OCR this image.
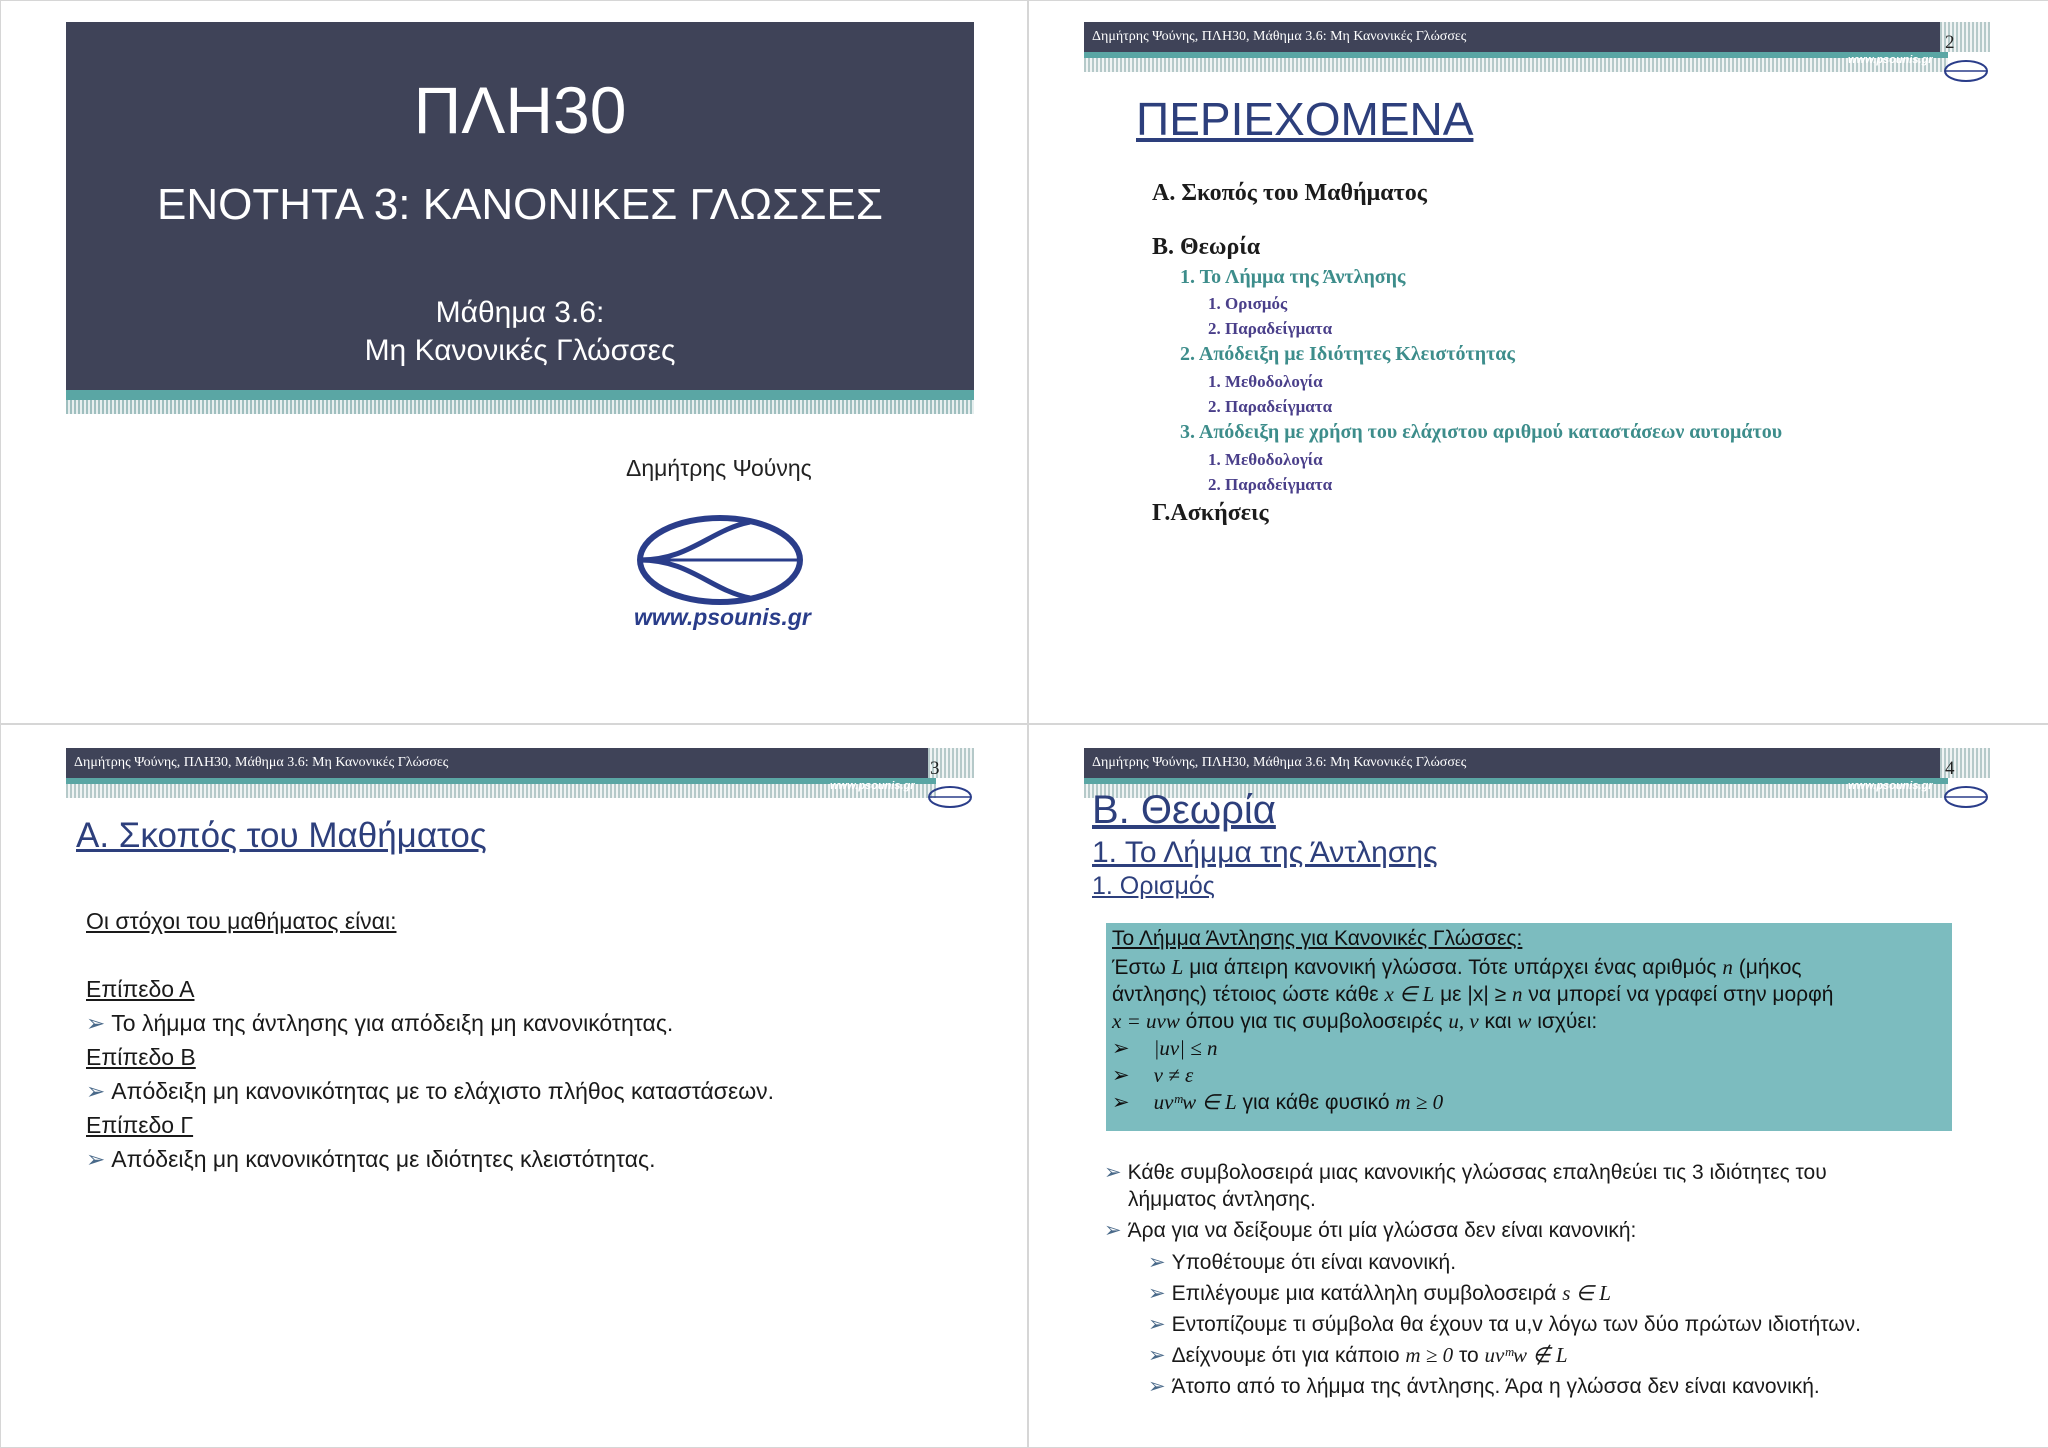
ΠΛΗ30
ΕΝΟΤΗΤΑ 3: ΚΑΝΟΝΙΚΕΣ ΓΛΩΣΣΕΣ
Μάθημα 3.6:
Μη Κανονικές Γλώσσες
Δημήτρης Ψούνης
www.psounis.gr
Δημήτρης Ψούνης, ΠΛΗ30, Μάθημα 3.6: Μη Κανονικές Γλώσσες
www.psounis.gr
2
ΠΕΡΙΕΧΟΜΕΝΑ
Α. Σκοπός του Μαθήματος
Β. Θεωρία
1. Το Λήμμα της Άντλησης
1. Ορισμός
2. Παραδείγματα
2. Απόδειξη με Ιδιότητες Κλειστότητας
1. Μεθοδολογία
2. Παραδείγματα
3. Απόδειξη με χρήση του ελάχιστου αριθμού καταστάσεων αυτομάτου
1. Μεθοδολογία
2. Παραδείγματα
Γ.Ασκήσεις
Δημήτρης Ψούνης, ΠΛΗ30, Μάθημα 3.6: Μη Κανονικές Γλώσσες
www.psounis.gr
3
Α. Σκοπός του Μαθήματος
Οι στόχοι του μαθήματος είναι:
Επίπεδο Α
➢ Το λήμμα της άντλησης για απόδειξη μη κανονικότητας.
Επίπεδο Β
➢ Απόδειξη μη κανονικότητας με το ελάχιστο πλήθος καταστάσεων.
Επίπεδο Γ
➢ Απόδειξη μη κανονικότητας με ιδιότητες κλειστότητας.
Δημήτρης Ψούνης, ΠΛΗ30, Μάθημα 3.6: Μη Κανονικές Γλώσσες
www.psounis.gr
4
Β. Θεωρία
1. Το Λήμμα της Άντλησης
1. Ορισμός
Το Λήμμα Άντλησης για Κανονικές Γλώσσες:
Έστω L μια άπειρη κανονική γλώσσα. Τότε υπάρχει ένας αριθμός n (μήκος
άντλησης) τέτοιος ώστε κάθε x ∈ L με |x| ≥ n να μπορεί να γραφεί στην μορφή
x = uvw όπου για τις συμβολοσειρές u, v και w ισχύει:
➢ |uv| ≤ n
➢ v ≠ ε
➢ uvᵐw ∈ L για κάθε φυσικό m ≥ 0
➢ Κάθε συμβολοσειρά μιας κανονικής γλώσσας επαληθεύει τις 3 ιδιότητες του
λήμματος άντλησης.
➢ Άρα για να δείξουμε ότι μία γλώσσα δεν είναι κανονική:
➢ Υποθέτουμε ότι είναι κανονική.
➢ Επιλέγουμε μια κατάλληλη συμβολοσειρά s ∈ L
➢ Εντοπίζουμε τι σύμβολα θα έχουν τα u,v λόγω των δύο πρώτων ιδιοτήτων.
➢ Δείχνουμε ότι για κάποιο m ≥ 0 το uvᵐw ∉ L
➢ Άτοπο από το λήμμα της άντλησης. Άρα η γλώσσα δεν είναι κανονική.
